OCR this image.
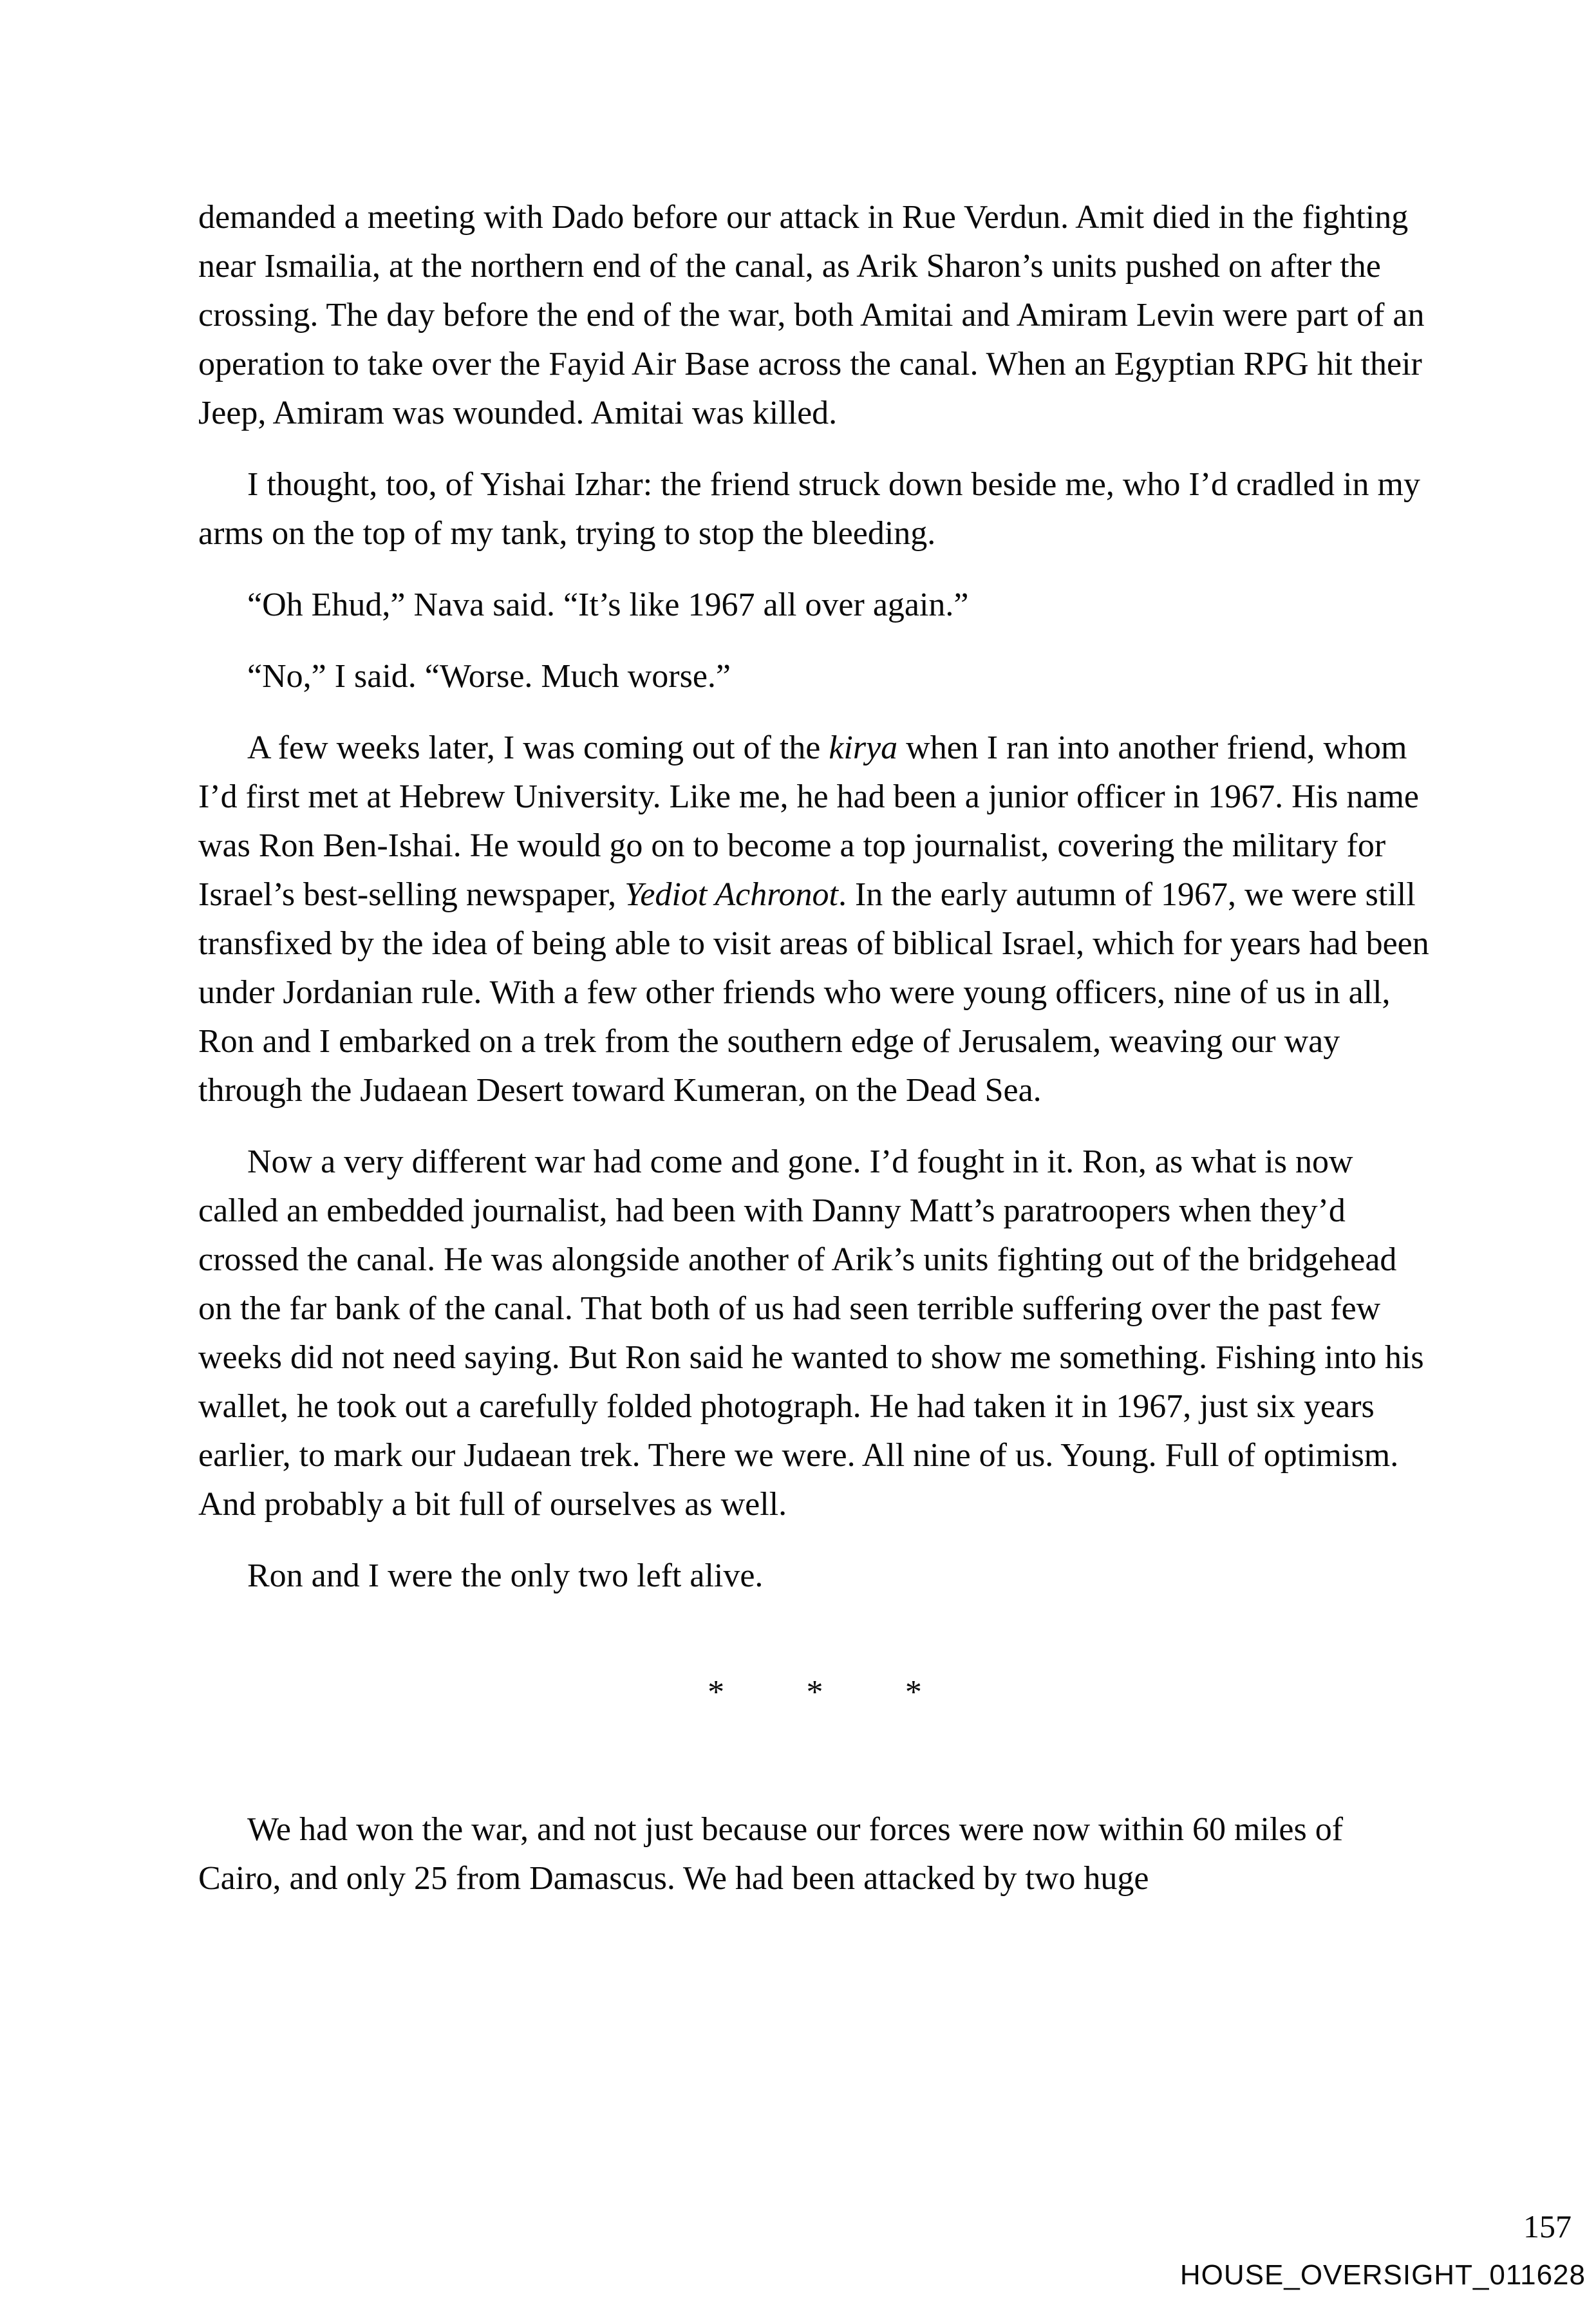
demanded a meeting with Dado before our attack in Rue Verdun. Amit died in the fighting near Ismailia, at the northern end of the canal, as Arik Sharon’s units pushed on after the crossing. The day before the end of the war, both Amitai and Amiram Levin were part of an operation to take over the Fayid Air Base across the canal. When an Egyptian RPG hit their Jeep, Amiram was wounded. Amitai was killed.

I thought, too, of Yishai Izhar: the friend struck down beside me, who I’d cradled in my arms on the top of my tank, trying to stop the bleeding.

“Oh Ehud,” Nava said. “It’s like 1967 all over again.”

“No,” I said. “Worse. Much worse.”

A few weeks later, I was coming out of the kirya when I ran into another friend, whom I’d first met at Hebrew University. Like me, he had been a junior officer in 1967. His name was Ron Ben-Ishai. He would go on to become a top journalist, covering the military for Israel’s best-selling newspaper, Yediot Achronot. In the early autumn of 1967, we were still transfixed by the idea of being able to visit areas of biblical Israel, which for years had been under Jordanian rule. With a few other friends who were young officers, nine of us in all, Ron and I embarked on a trek from the southern edge of Jerusalem, weaving our way through the Judaean Desert toward Kumeran, on the Dead Sea.

Now a very different war had come and gone. I’d fought in it. Ron, as what is now called an embedded journalist, had been with Danny Matt’s paratroopers when they’d crossed the canal. He was alongside another of Arik’s units fighting out of the bridgehead on the far bank of the canal. That both of us had seen terrible suffering over the past few weeks did not need saying. But Ron said he wanted to show me something. Fishing into his wallet, he took out a carefully folded photograph. He had taken it in 1967, just six years earlier, to mark our Judaean trek. There we were. All nine of us. Young. Full of optimism. And probably a bit full of ourselves as well.

Ron and I were the only two left alive.

* * *

We had won the war, and not just because our forces were now within 60 miles of Cairo, and only 25 from Damascus. We had been attacked by two huge

157
HOUSE_OVERSIGHT_011628
